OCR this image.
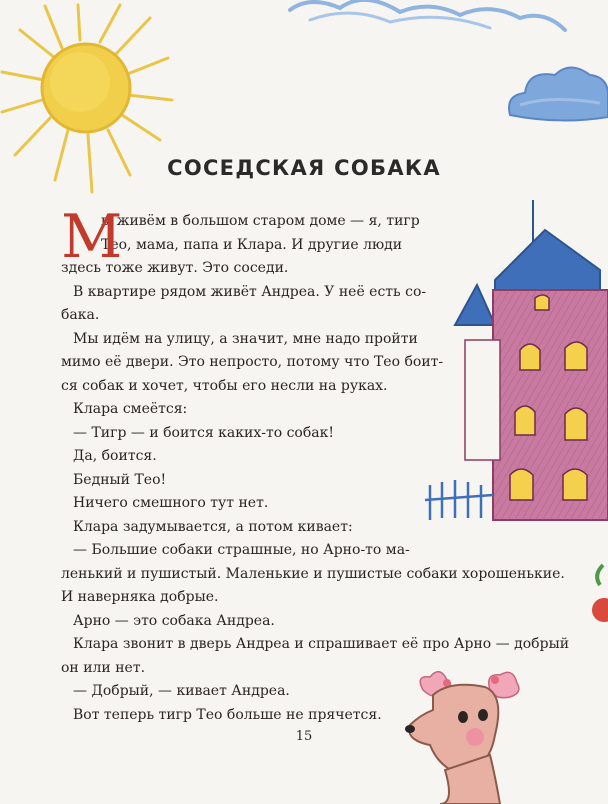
СОСЕДСКАЯ СОБАКА
М
ы живём в большом старом доме — я, тигр
Тео, мама, папа и Клара. И другие люди
здесь тоже живут. Это соседи.
В квартире рядом живёт Андреа. У неё есть со-
бака.
Мы идём на улицу, а значит, мне надо пройти
мимо её двери. Это непросто, потому что Тео боит-
ся собак и хочет, чтобы его несли на руках.
Клара смеётся:
— Тигр — и боится каких-то собак!
Да, боится.
Бедный Тео!
Ничего смешного тут нет.
Клара задумывается, а потом кивает:
— Большие собаки страшные, но Арно-то ма-
ленький и пушистый. Маленькие и пушистые собаки хорошенькие.
И наверняка добрые.
Арно — это собака Андреа.
Клара звонит в дверь Андреа и спрашивает её про Арно — добрый
он или нет.
— Добрый, — кивает Андреа.
Вот теперь тигр Тео больше не прячется.
15
